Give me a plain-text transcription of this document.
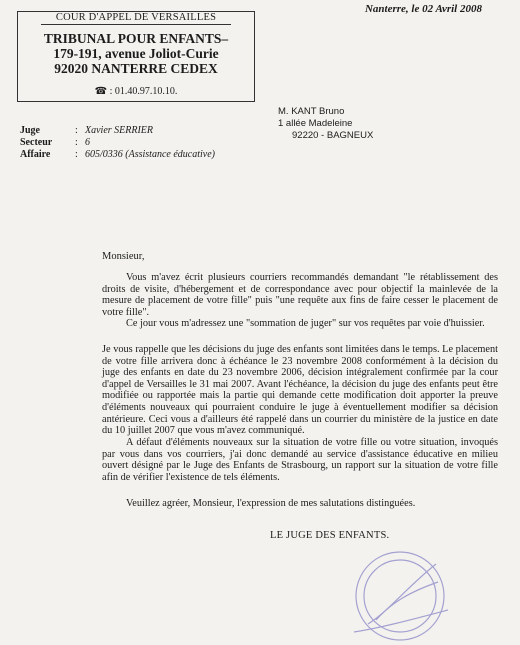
COUR D'APPEL DE VERSAILLES
TRIBUNAL POUR ENFANTS–
179-191, avenue Joliot-Curie
92020 NANTERRE CEDEX
☎ : 01.40.97.10.10.
Nanterre, le 02 Avril 2008
M. KANT Bruno
1 allée Madeleine
92220 - BAGNEUX
Juge	: Xavier SERRIER
Secteur	: 6
Affaire	: 605/0336 (Assistance éducative)
Monsieur,
Vous m'avez écrit plusieurs courriers recommandés demandant "le rétablissement des droits de visite, d'hébergement et de correspondance avec pour objectif la mainlevée de la mesure de placement de votre fille" puis "une requête aux fins de faire cesser le placement de votre fille".
Ce jour vous m'adressez une "sommation de juger" sur vos requêtes par voie d'huissier.
Je vous rappelle que les décisions du juge des enfants sont limitées dans le temps. Le placement de votre fille arrivera donc à échéance le 23 novembre 2008 conformément à la décision du juge des enfants en date du 23 novembre 2006, décision intégralement confirmée par la cour d'appel de Versailles le 31 mai 2007. Avant l'échéance, la décision du juge des enfants peut être modifiée ou rapportée mais la partie qui demande cette modification doit apporter la preuve d'éléments nouveaux qui pourraient conduire le juge à éventuellement modifier sa décision antérieure. Ceci vous a d'ailleurs été rappelé dans un courrier du ministère de la justice en date du 10 juillet 2007 que vous m'avez communiqué.
A défaut d'éléments nouveaux sur la situation de votre fille ou votre situation, invoqués par vous dans vos courriers, j'ai donc demandé au service d'assistance éducative en milieu ouvert désigné par le Juge des Enfants de Strasbourg, un rapport sur la situation de votre fille afin de vérifier l'existence de tels éléments.
Veuillez agréer, Monsieur, l'expression de mes salutations distinguées.
LE JUGE DES ENFANTS.
